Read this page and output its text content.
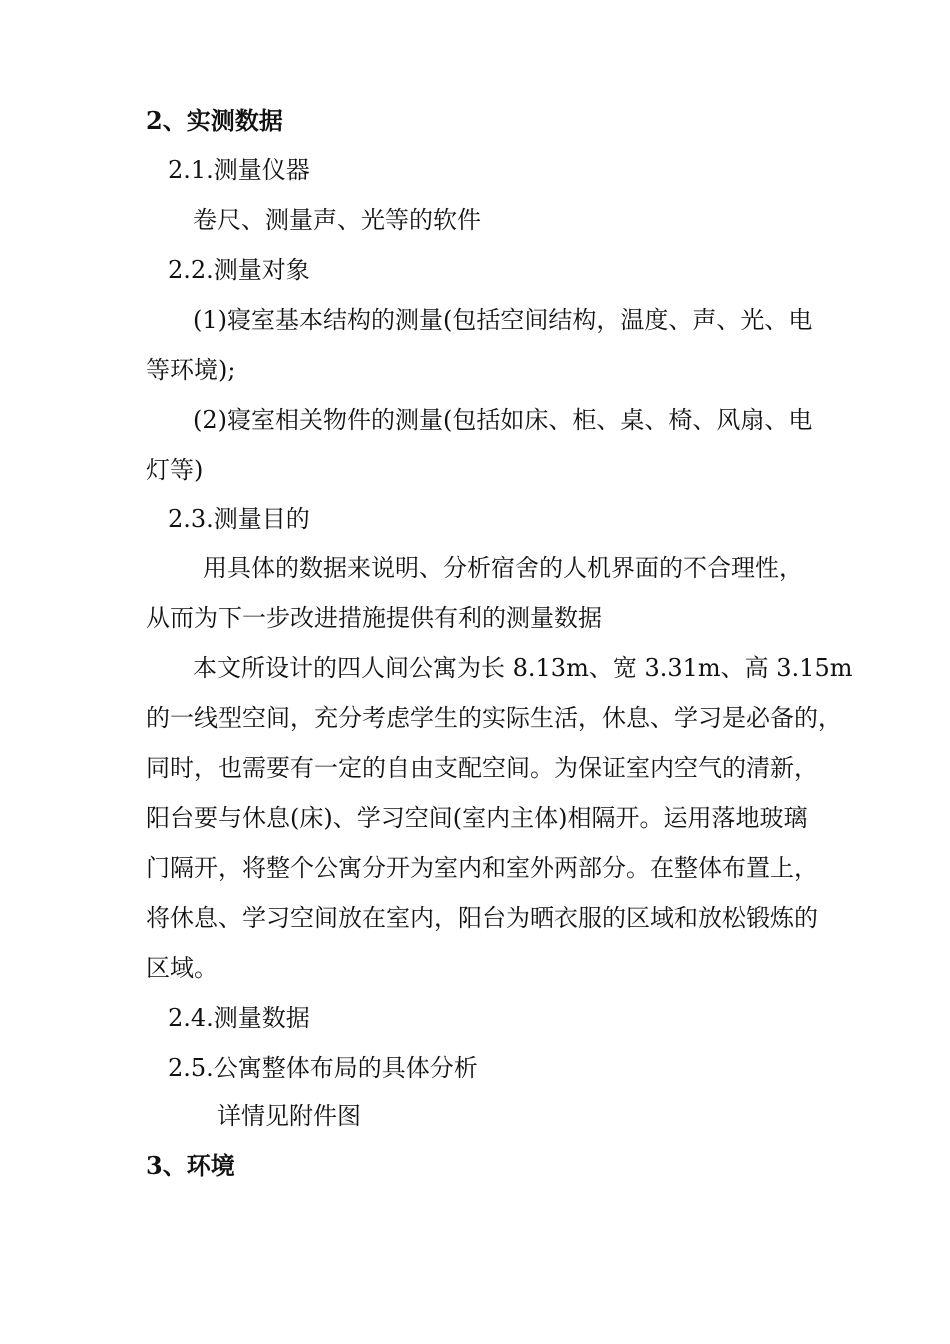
2、实测数据
2.1.测量仪器
卷尺、测量声、光等的软件
2.2.测量对象
(1)寝室基本结构的测量(包括空间结构，温度、声、光、电
等环境);
(2)寝室相关物件的测量(包括如床、柜、桌、椅、风扇、电
灯等)
2.3.测量目的
用具体的数据来说明、分析宿舍的人机界面的不合理性，
从而为下一步改进措施提供有利的测量数据
本文所设计的四人间公寓为长 8.13m、宽 3.31m、高 3.15m
的一线型空间，充分考虑学生的实际生活，休息、学习是必备的，
同时，也需要有一定的自由支配空间。为保证室内空气的清新，
阳台要与休息(床)、学习空间(室内主体)相隔开。运用落地玻璃
门隔开，将整个公寓分开为室内和室外两部分。在整体布置上，
将休息、学习空间放在室内，阳台为晒衣服的区域和放松锻炼的
区域。
2.4.测量数据
2.5.公寓整体布局的具体分析
详情见附件图
3、环境
